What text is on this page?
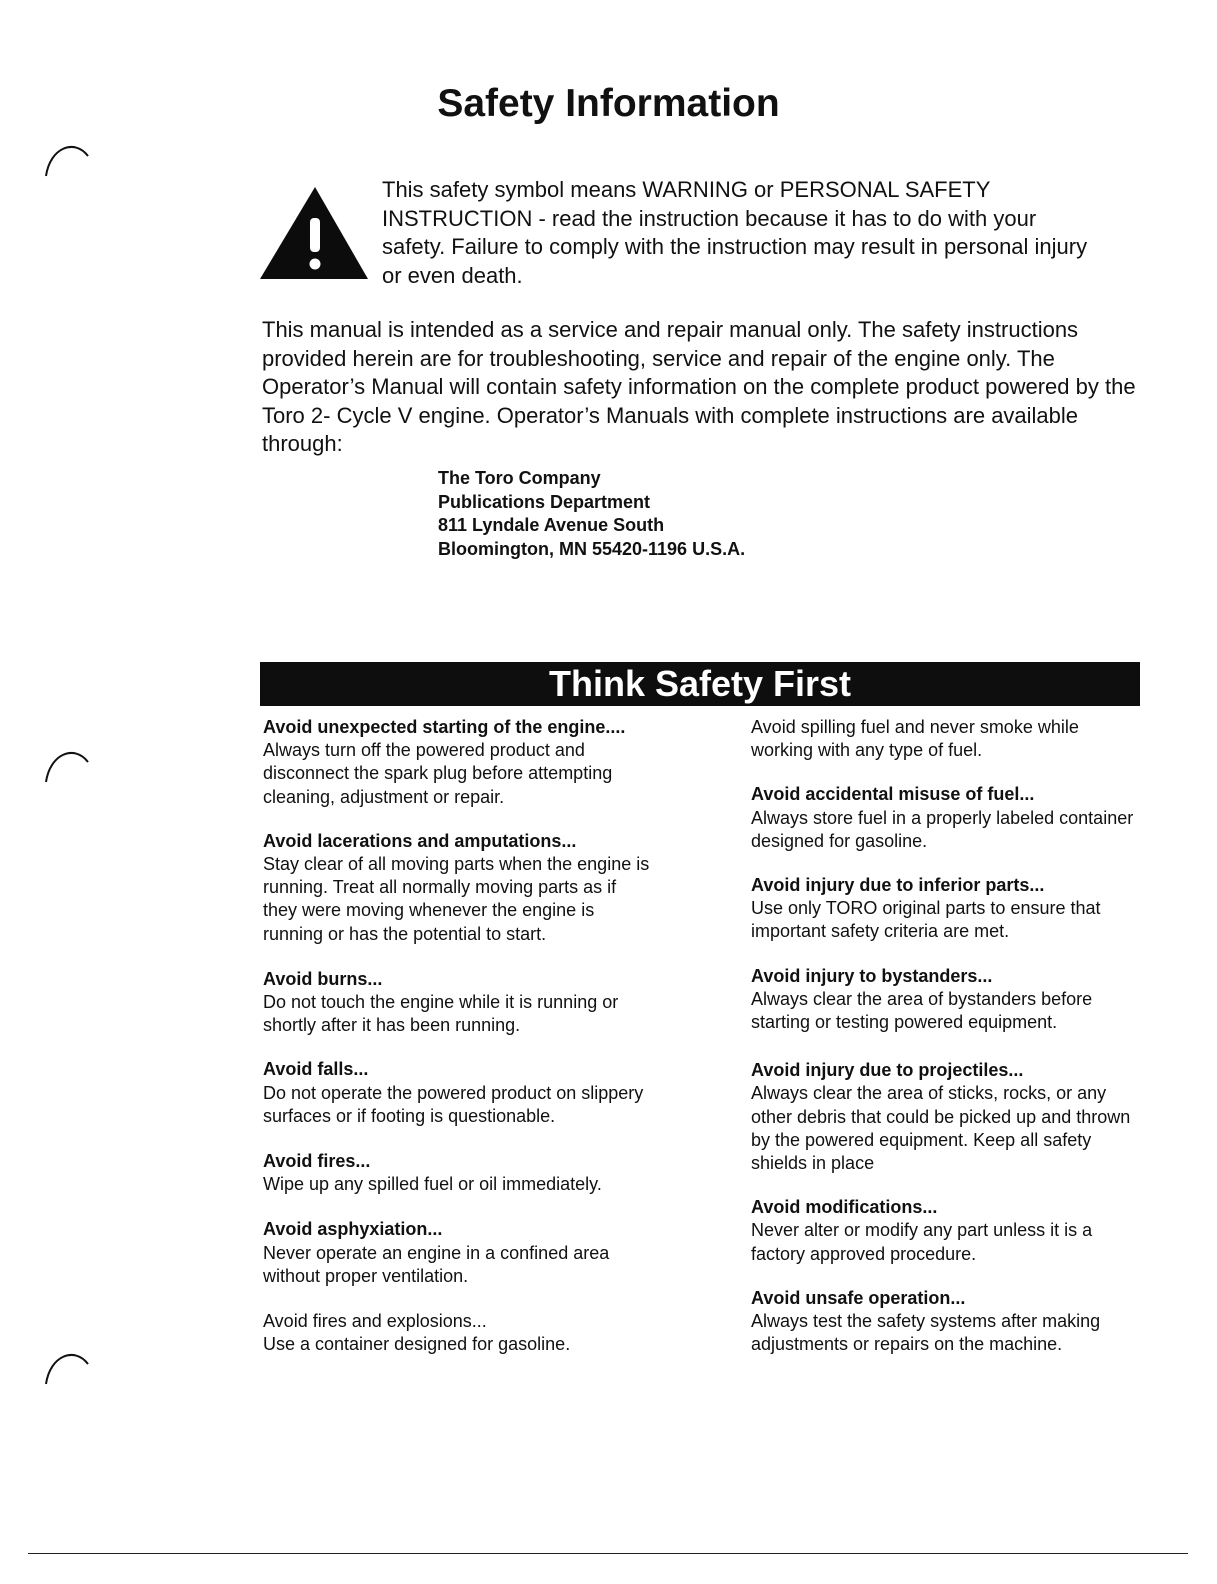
Safety Information

This safety symbol means WARNING or PERSONAL SAFETY INSTRUCTION - read the instruction because it has to do with your safety. Failure to comply with the instruction may result in personal injury or even death.

This manual is intended as a service and repair manual only. The safety instructions provided herein are for troubleshooting, service and repair of the engine only. The Operator’s Manual will contain safety information on the complete product powered by the Toro 2- Cycle V engine. Operator’s Manuals with complete instructions are available through:

The Toro Company
Publications Department
811 Lyndale Avenue South
Bloomington, MN 55420-1196 U.S.A.
Think Safety First
Avoid unexpected starting of the engine....
Always turn off the powered product and disconnect the spark plug before attempting cleaning, adjustment or repair.
Avoid lacerations and amputations...
Stay clear of all moving parts when the engine is running. Treat all normally moving parts as if they were moving whenever the engine is running or has the potential to start.
Avoid burns...
Do not touch the engine while it is running or shortly after it has been running.
Avoid falls...
Do not operate the powered product on slippery surfaces or if footing is questionable.
Avoid fires...
Wipe up any spilled fuel or oil immediately.
Avoid asphyxiation...
Never operate an engine in a confined area without proper ventilation.
Avoid fires and explosions...
Use a container designed for gasoline.
Avoid spilling fuel and never smoke while working with any type of fuel.
Avoid accidental misuse of fuel...
Always store fuel in a properly labeled container designed for gasoline.
Avoid injury due to inferior parts...
Use only TORO original parts to ensure that important safety criteria are met.
Avoid injury to bystanders...
Always clear the area of bystanders before starting or testing powered equipment.
Avoid injury due to projectiles...
Always clear the area of sticks, rocks, or any other debris that could be picked up and thrown by the powered equipment. Keep all safety shields in place
Avoid modifications...
Never alter or modify any part unless it is a factory approved procedure.
Avoid unsafe operation...
Always test the safety systems after making adjustments or repairs on the machine.
